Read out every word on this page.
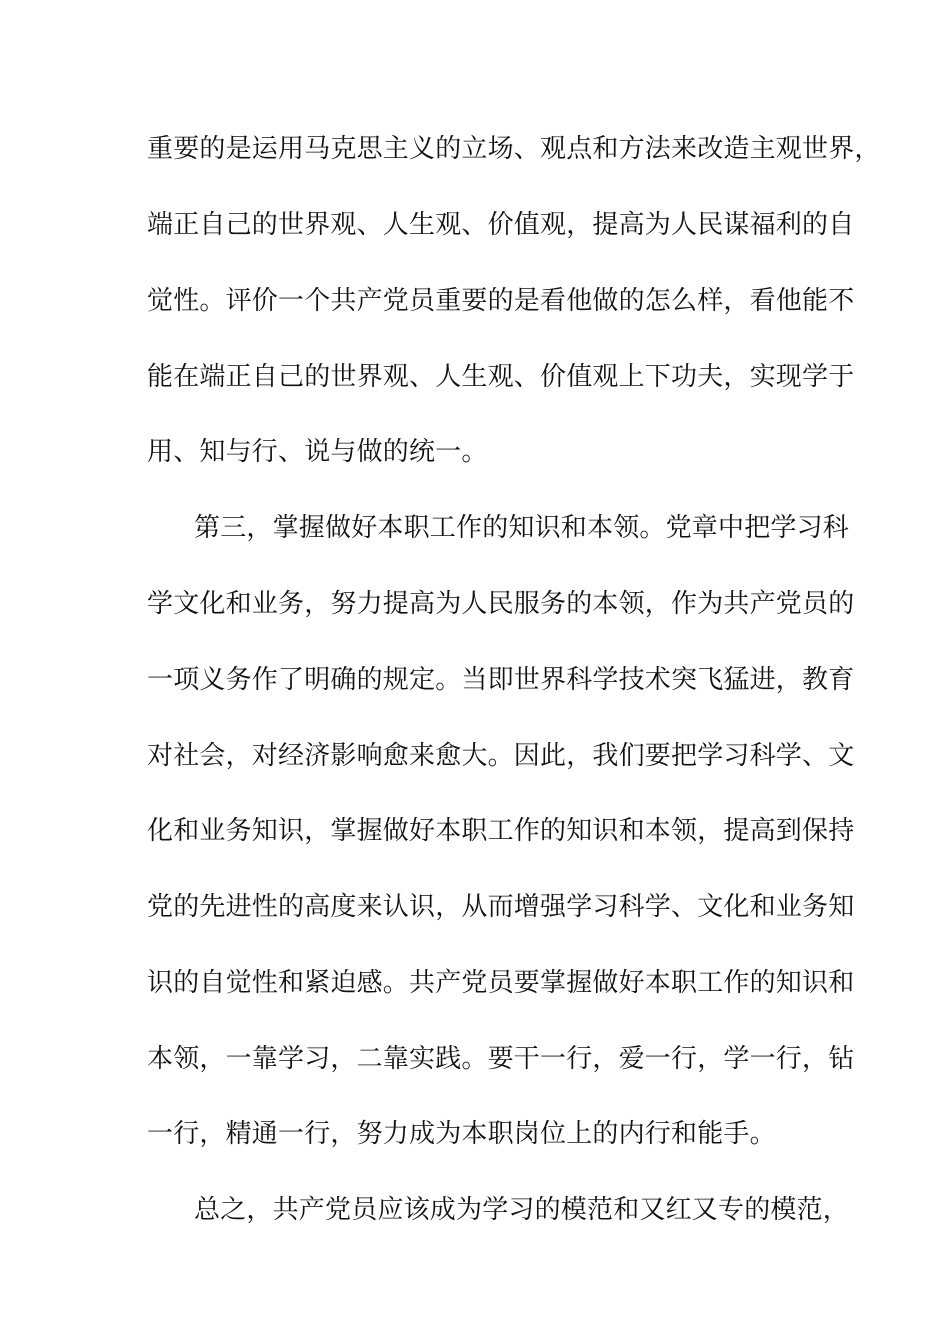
重要的是运用马克思主义的立场、观点和方法来改造主观世界，
端正自己的世界观、人生观、价值观，提高为人民谋福利的自
觉性。评价一个共产党员重要的是看他做的怎么样，看他能不
能在端正自己的世界观、人生观、价值观上下功夫，实现学于
用、知与行、说与做的统一。
第三，掌握做好本职工作的知识和本领。党章中把学习科
学文化和业务，努力提高为人民服务的本领，作为共产党员的
一项义务作了明确的规定。当即世界科学技术突飞猛进，教育
对社会，对经济影响愈来愈大。因此，我们要把学习科学、文
化和业务知识，掌握做好本职工作的知识和本领，提高到保持
党的先进性的高度来认识，从而增强学习科学、文化和业务知
识的自觉性和紧迫感。共产党员要掌握做好本职工作的知识和
本领，一靠学习，二靠实践。要干一行，爱一行，学一行，钻
一行，精通一行，努力成为本职岗位上的内行和能手。
总之，共产党员应该成为学习的模范和又红又专的模范，
